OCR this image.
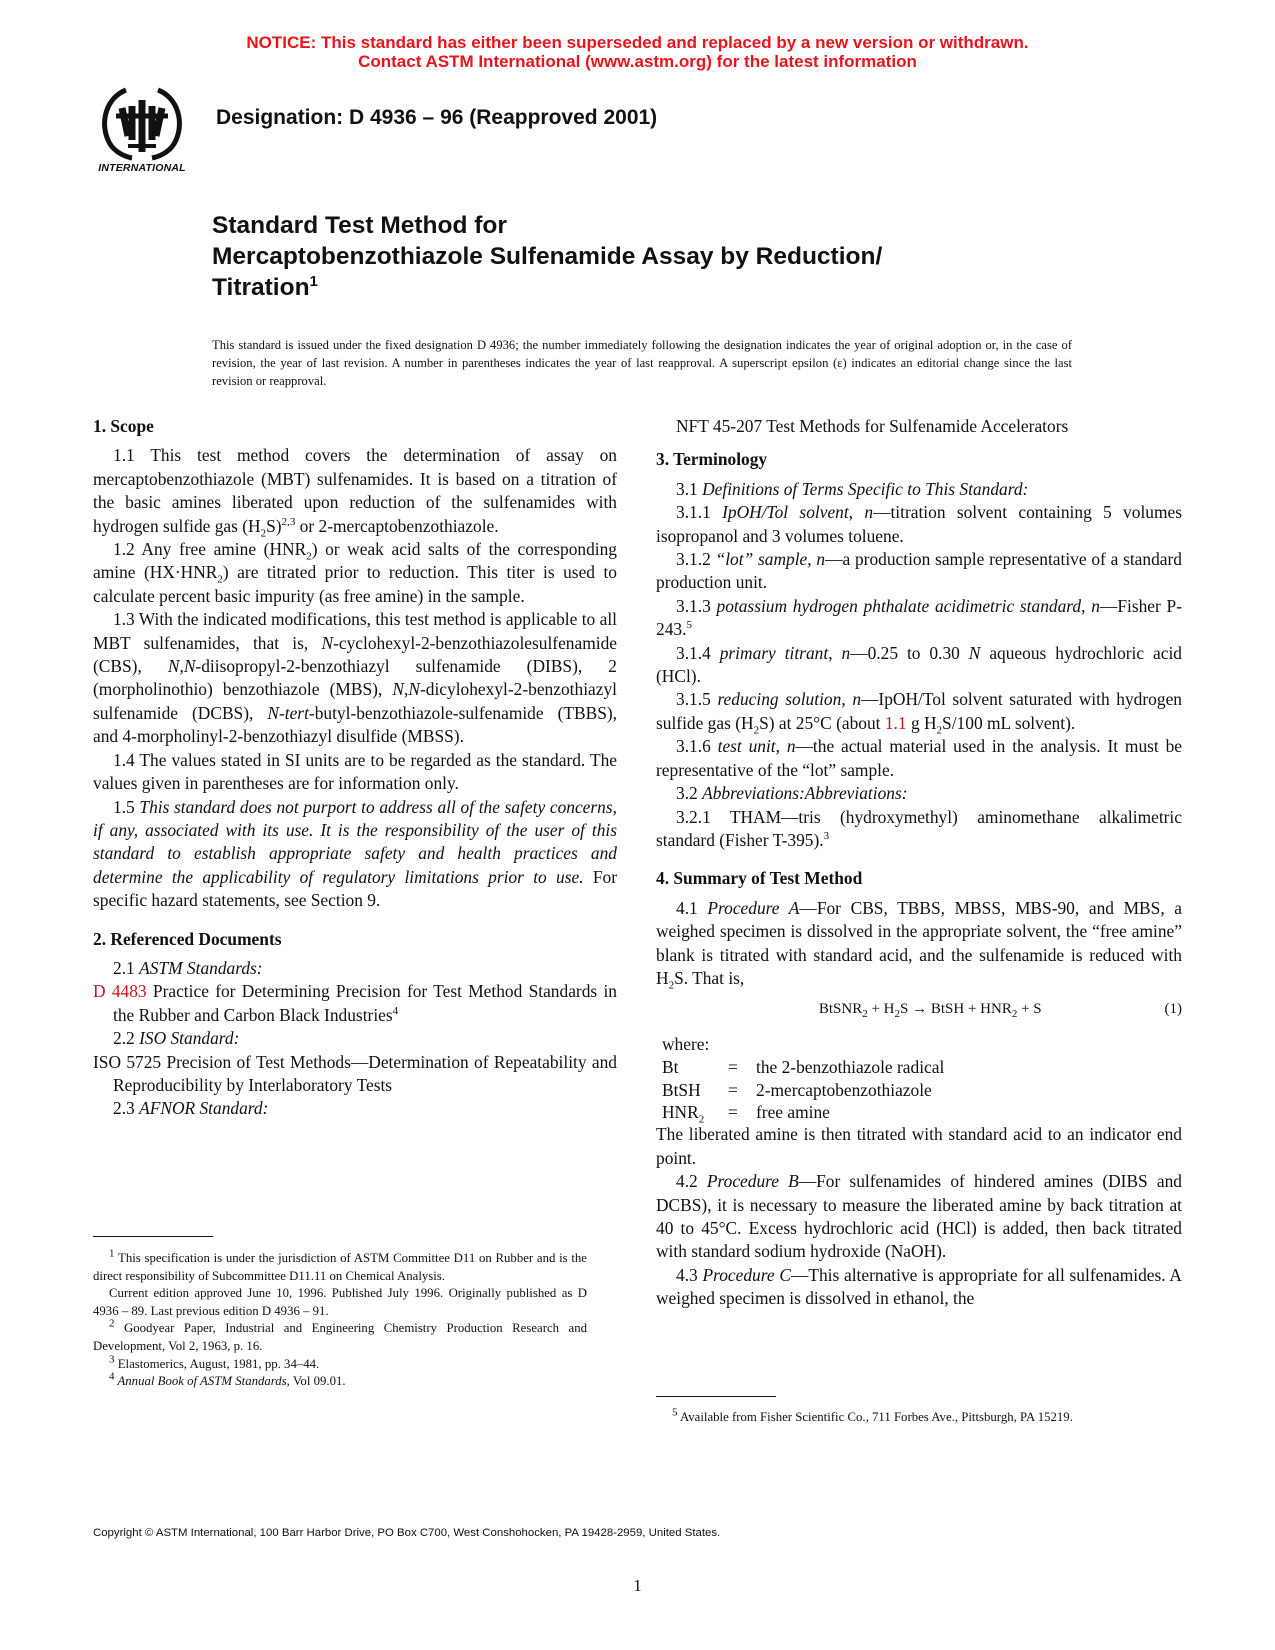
NOTICE: This standard has either been superseded and replaced by a new version or withdrawn.
Contact ASTM International (www.astm.org) for the latest information
INTERNATIONAL
Designation: D 4936 – 96 (Reapproved 2001)
Standard Test Method for
Mercaptobenzothiazole Sulfenamide Assay by Reduction/
Titration$^1$
This standard is issued under the fixed designation D 4936; the number immediately following the designation indicates the year of original adoption or, in the case of revision, the year of last revision. A number in parentheses indicates the year of last reapproval. A superscript epsilon (ε) indicates an editorial change since the last revision or reapproval.
1. Scope

1.1 This test method covers the determination of assay on mercaptobenzothiazole (MBT) sulfenamides. It is based on a titration of the basic amines liberated upon reduction of the sulfenamides with hydrogen sulfide gas $(H_2S)^{2,3}$ or 2-mercaptobenzothiazole.

1.2 Any free amine $(HNR_2)$ or weak acid salts of the corresponding amine $(HX\cdot HNR_2)$ are titrated prior to reduction. This titer is used to calculate percent basic impurity (as free amine) in the sample.

1.3 With the indicated modifications, this test method is applicable to all MBT sulfenamides, that is, N-cyclohexyl-2-benzothiazolesulfenamide (CBS), N,N-diisopropyl-2-benzothiazyl sulfenamide (DIBS), 2 (morpholinothio) benzothiazole (MBS), N,N-dicylohexyl-2-benzothiazyl sulfenamide (DCBS), N-tert-butyl-benzothiazole-sulfenamide (TBBS), and 4-morpholinyl-2-benzothiazyl disulfide (MBSS).

1.4 The values stated in SI units are to be regarded as the standard. The values given in parentheses are for information only.

1.5 This standard does not purport to address all of the safety concerns, if any, associated with its use. It is the responsibility of the user of this standard to establish appropriate safety and health practices and determine the applicability of regulatory limitations prior to use. For specific hazard statements, see Section 9.

2. Referenced Documents

2.1 ASTM Standards:

D 4483 Practice for Determining Precision for Test Method Standards in the Rubber and Carbon Black Industries$^4$

2.2 ISO Standard:

ISO 5725 Precision of Test Methods—Determination of Repeatability and Reproducibility by Interlaboratory Tests

2.3 AFNOR Standard:

$^1$ This specification is under the jurisdiction of ASTM Committee D11 on Rubber and is the direct responsibility of Subcommittee D11.11 on Chemical Analysis.

Current edition approved June 10, 1996. Published July 1996. Originally published as D 4936 – 89. Last previous edition D 4936 – 91.

$^2$ Goodyear Paper, Industrial and Engineering Chemistry Production Research and Development, Vol 2, 1963, p. 16.

$^3$ Elastomerics, August, 1981, pp. 34–44.

$^4$ Annual Book of ASTM Standards, Vol 09.01.

NFT 45-207 Test Methods for Sulfenamide Accelerators

3. Terminology

3.1 Definitions of Terms Specific to This Standard:

3.1.1 IpOH/Tol solvent, n—titration solvent containing 5 volumes isopropanol and 3 volumes toluene.

3.1.2 “lot” sample, n—a production sample representative of a standard production unit.

3.1.3 potassium hydrogen phthalate acidimetric standard, n—Fisher P-243.$^5$

3.1.4 primary titrant, n—0.25 to 0.30 N aqueous hydrochloric acid (HCl).

3.1.5 reducing solution, n—IpOH/Tol solvent saturated with hydrogen sulfide gas $(H_2S)$ at 25°C (about 1.1 g $H_2S/100$ mL solvent).

3.1.6 test unit, n—the actual material used in the analysis. It must be representative of the “lot” sample.

3.2 Abbreviations:Abbreviations:

3.2.1 THAM—tris (hydroxymethyl) aminomethane alkalimetric standard (Fisher T-395).$^3$

4. Summary of Test Method

4.1 Procedure A—For CBS, TBBS, MBSS, MBS-90, and MBS, a weighed specimen is dissolved in the appropriate solvent, the “free amine” blank is titrated with standard acid, and the sulfenamide is reduced with $H_2S$. That is,

BtSNR$_2$ + $H_2S$ → BtSH + $HNR_2 + S$	(1)

where:

Bt	=	the 2-benzothiazole radical
BtSH	=	2-mercaptobenzothiazole
$HNR_2$	=	free amine

The liberated amine is then titrated with standard acid to an indicator end point.

4.2 Procedure B—For sulfenamides of hindered amines (DIBS and DCBS), it is necessary to measure the liberated amine by back titration at 40 to 45°C. Excess hydrochloric acid (HCl) is added, then back titrated with standard sodium hydroxide (NaOH).

4.3 Procedure C—This alternative is appropriate for all sulfenamides. A weighed specimen is dissolved in ethanol, the

$^5$ Available from Fisher Scientific Co., 711 Forbes Ave., Pittsburgh, PA 15219.

Copyright © ASTM International, 100 Barr Harbor Drive, PO Box C700, West Conshohocken, PA 19428-2959, United States.
1
